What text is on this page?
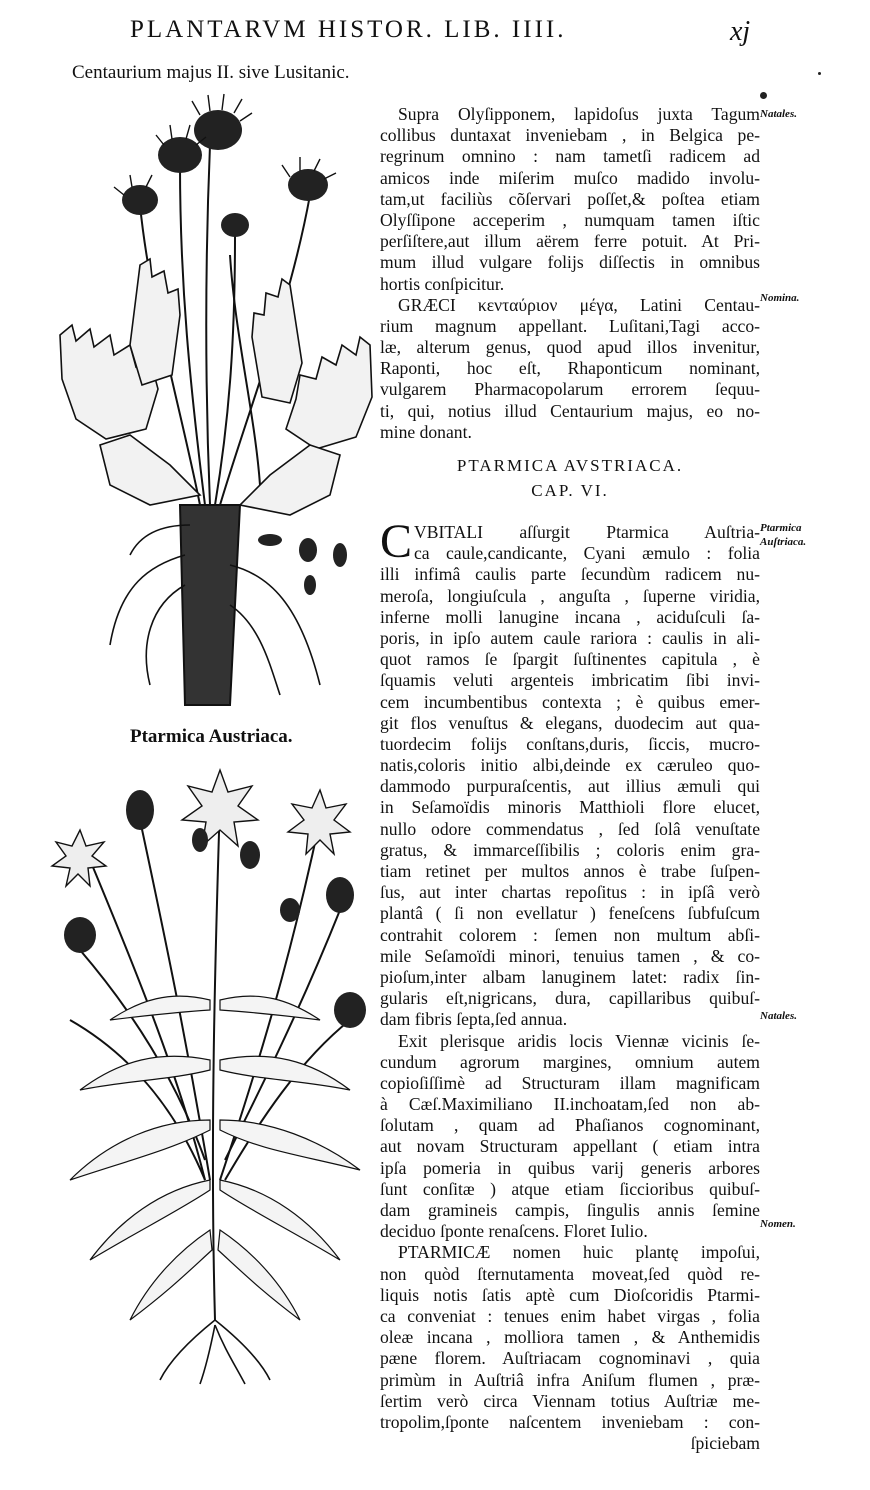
PLANTARVM HISTOR. LIB. IIII.	xj
Centaurium majus II. sive Lusitanic.
Ptarmica Austriaca.
Supra Olyſipponem, lapidoſus juxta Tagum
collibus duntaxat inveniebam , in Belgica pe-
regrinum omnino : nam tametſi radicem ad
amicos inde miſerim muſco madido involu-
tam,ut faciliùs cõſervari poſſet,& poſtea etiam
Olyſſipone acceperim , numquam tamen iſtic
perſiſtere,aut illum aërem ferre potuit. At Pri-
mum illud vulgare folijs diſſectis in omnibus
hortis conſpicitur.
GRÆCI κενταύριον μέγα, Latini Centau-
rium magnum appellant. Luſitani,Tagi acco-
læ, alterum genus, quod apud illos invenitur,
Raponti, hoc eſt, Rhaponticum nominant,
vulgarem Pharmacopolarum errorem ſequu-
ti, qui, notius illud Centaurium majus, eo no-
mine donant.
PTARMICA AVSTRIACA.
CAP. VI.
C VBITALI aſſurgit Ptarmica Auſtria-
ca caule,candicante, Cyani æmulo : folia
illi infimâ caulis parte ſecundùm radicem nu-
meroſa, longiuſcula , anguſta , ſuperne viridia,
inferne molli lanugine incana , aciduſculi ſa-
poris, in ipſo autem caule rariora : caulis in ali-
quot ramos ſe ſpargit ſuſtinentes capitula , è
ſquamis veluti argenteis imbricatim ſibi invi-
cem incumbentibus contexta ; è quibus emer-
git flos venuſtus & elegans, duodecim aut qua-
tuordecim folijs conſtans,duris, ſiccis, mucro-
natis,coloris initio albi,deinde ex cæruleo quo-
dammodo purpuraſcentis, aut illius æmuli qui
in Seſamoïdis minoris Matthioli flore elucet,
nullo odore commendatus , ſed ſolâ venuſtate
gratus, & immarceſſibilis ; coloris enim gra-
tiam retinet per multos annos è trabe ſuſpen-
ſus, aut inter chartas repoſitus : in ipſâ verò
plantâ ( ſi non evellatur ) feneſcens ſubfuſcum
contrahit colorem : ſemen non multum abſi-
mile Seſamoïdi minori, tenuius tamen , & co-
pioſum,inter albam lanuginem latet: radix ſin-
gularis eſt,nigricans, dura, capillaribus quibuſ-
dam fibris ſepta,ſed annua.
Exit plerisque aridis locis Viennæ vicinis ſe-
cundum agrorum margines, omnium autem
copioſiſſimè ad Structuram illam magnificam
à Cæſ.Maximiliano II.inchoatam,ſed non ab-
ſolutam , quam ad Phaſianos cognominant,
aut novam Structuram appellant ( etiam intra
ipſa pomeria in quibus varij generis arbores
ſunt conſitæ ) atque etiam ſiccioribus quibuſ-
dam gramineis campis, ſingulis annis ſemine
deciduo ſponte renaſcens. Floret Iulio.
PTARMICÆ nomen huic plantę impoſui,
non quòd ſternutamenta moveat,ſed quòd re-
liquis notis ſatis aptè cum Dioſcoridis Ptarmi-
ca conveniat : tenues enim habet virgas , folia
oleæ incana , molliora tamen , & Anthemidis
pæne florem. Auſtriacam cognominavi , quia
primùm in Auſtriâ infra Aniſum flumen , præ-
ſertim verò circa Viennam totius Auſtriæ me-
tropolim,ſponte naſcentem inveniebam : con-
ſpiciebam
Natales.
Nomina.
Ptarmica
Auſtriaca.
Natales.
Nomen.
